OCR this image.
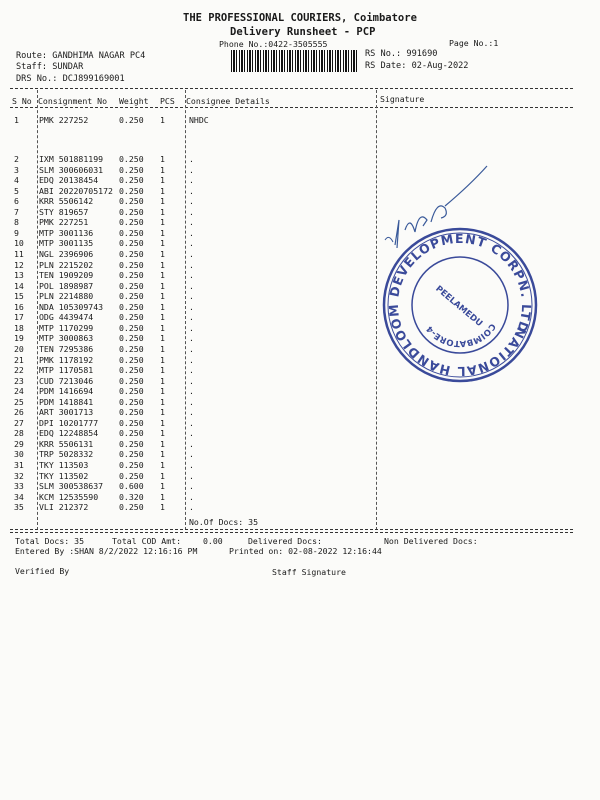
THE PROFESSIONAL COURIERS, Coimbatore
Delivery Runsheet - PCP
Phone No.:0422-3505555	Page No.:1
Route: GANDHIMA NAGAR PC4
Staff: SUNDAR
DRS No.: DCJ899169001
RS No.: 991690
RS Date: 02-Aug-2022
S No Consignment No Weight PCS Consignee Details	Signature
1 PMK 227252	0.250 1	NHDC
2 IXM 501881199 0.250 1	.
3 SLM 300606031 0.250 1	.
4 EDQ 20138454	0.250 1	.
5 ABI 20220705172 0.250 1	.
6 KRR 5506142	0.250 1	.
7 STY 819657	0.250 1	.
8 PMK 227251	0.250 1	.
9 MTP 3001136	0.250 1	.
10 MTP 3001135	0.250 1	.
11 NGL 2396906	0.250 1	.
12 PLN 2215202	0.250 1	.
13 TEN 1909209	0.250 1	.
14 POL 1898987	0.250 1	.
15 PLN 2214880	0.250 1	.
16 NDA 105309743 0.250 1	.
17 ODG 4439474	0.250 1	.
18 MTP 1170299	0.250 1	.
19 MTP 3000863	0.250 1	.
20 TEN 7295386	0.250 1	.
21 PMK 1178192	0.250 1	.
22 MTP 1170581	0.250 1	.
23 CUD 7213046	0.250 1	.
24 PDM 1416694	0.250 1	.
25 PDM 1418841	0.250 1	.
26 ART 3001713	0.250 1	.
27 DPI 10201777	0.250 1	.
28 EDQ 12248854	0.250 1	.
29 KRR 5506131	0.250 1	.
30 TRP 5028332	0.250 1	.
31 TKY 113503	0.250 1	.
32 TKY 113502	0.250 1	.
33 SLM 300538637 0.600 1	.
34 KCM 12535590	0.320 1	.
35 VLI 212372	0.250 1	.
No.Of Docs: 35
Total Docs: 35	Total COD Amt:	0.00	Delivered Docs:	Non Delivered Docs:
Entered By :SHAN 8/2/2022 12:16:16 PM	Printed on: 02-08-2022 12:16:44
Verified By	Staff Signature
NATIONAL HANDLOOM DEVELOPMENT CORPN. LTD.
COIMBATORE-4
PEELAMEDU
